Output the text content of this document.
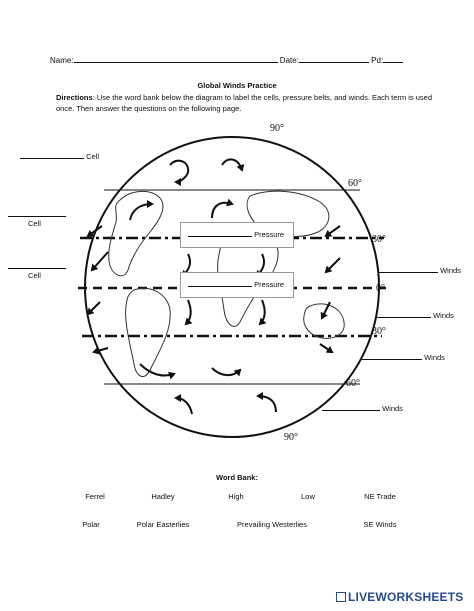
Name:	Date:	Pd:
Global Winds Practice
Directions: Use the word bank below the diagram to label the cells, pressure belts, and winds. Each term is used once. Then answer the questions on the following page.
90°
60°
30°
0°
30°
60°
90°
Cell

Cell

Cell
Pressure
Pressure
Winds
Winds
Winds
Winds
Word Bank:
Ferrel	Hadley	High	Low	NE Trade
Polar	Polar Easterlies	Prevailing Westerlies	SE Winds
LIVEWORKSHEETS
